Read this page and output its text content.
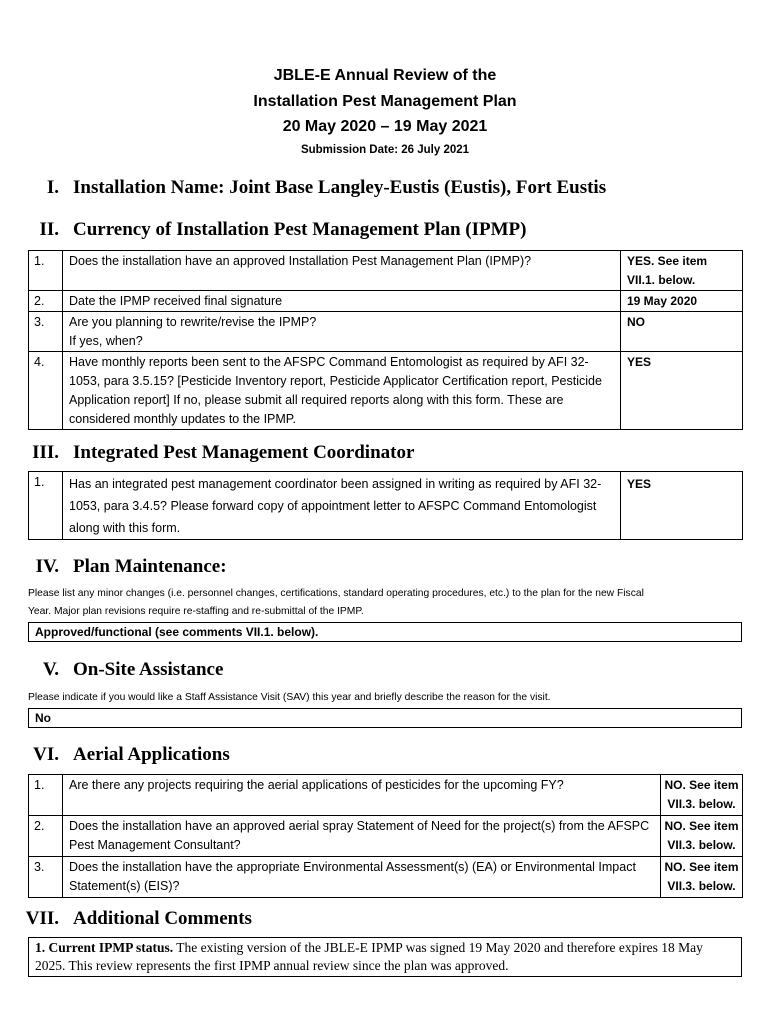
JBLE-E Annual Review of the
Installation Pest Management Plan
20 May 2020 – 19 May 2021
Submission Date: 26 July 2021
I. Installation Name: Joint Base Langley-Eustis (Eustis), Fort Eustis
II. Currency of Installation Pest Management Plan (IPMP)
1.	Does the installation have an approved Installation Pest Management Plan (IPMP)?	YES. See item VII.1. below.
2.	Date the IPMP received final signature	19 May 2020
3.	Are you planning to rewrite/revise the IPMP?
If yes, when?	NO
4.	Have monthly reports been sent to the AFSPC Command Entomologist as required by AFI 32-1053, para 3.5.15? [Pesticide Inventory report, Pesticide Applicator Certification report, Pesticide Application report] If no, please submit all required reports along with this form. These are considered monthly updates to the IPMP.	YES
III. Integrated Pest Management Coordinator
1.	Has an integrated pest management coordinator been assigned in writing as required by AFI 32-1053, para 3.4.5? Please forward copy of appointment letter to AFSPC Command Entomologist along with this form.	YES
IV. Plan Maintenance:
Please list any minor changes (i.e. personnel changes, certifications, standard operating procedures, etc.) to the plan for the new Fiscal
Year. Major plan revisions require re-staffing and re-submittal of the IPMP.
Approved/functional (see comments VII.1. below).
V. On-Site Assistance
Please indicate if you would like a Staff Assistance Visit (SAV) this year and briefly describe the reason for the visit.
No
VI. Aerial Applications
1.	Are there any projects requiring the aerial applications of pesticides for the upcoming FY?	NO. See item VII.3. below.
2.	Does the installation have an approved aerial spray Statement of Need for the project(s) from the AFSPC Pest Management Consultant?	NO. See item VII.3. below.
3.	Does the installation have the appropriate Environmental Assessment(s) (EA) or Environmental Impact Statement(s) (EIS)?	NO. See item VII.3. below.
VII. Additional Comments
1. Current IPMP status. The existing version of the JBLE-E IPMP was signed 19 May 2020 and therefore expires 18 May 2025. This review represents the first IPMP annual review since the plan was approved.
